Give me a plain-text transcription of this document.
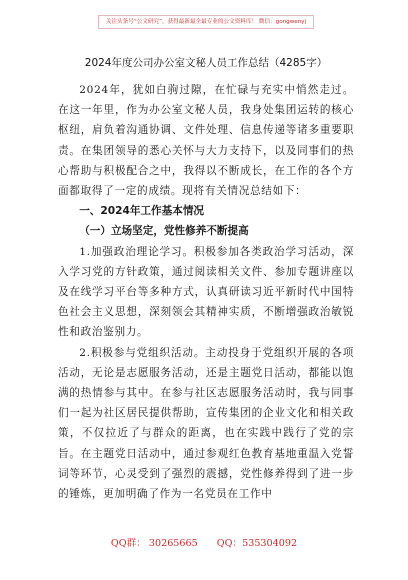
关注头条号“公文研究”，获得最新最全最专业的公文资料库！ 微信：gongwenyj

2024年度公司办公室文秘人员工作总结（4285字）

2024年，犹如白驹过隙，在忙碌与充实中悄然走过。在这一年里，作为办公室文秘人员，我身处集团运转的核心枢纽，肩负着沟通协调、文件处理、信息传递等诸多重要职责。在集团领导的悉心关怀与大力支持下，以及同事们的热心帮助与积极配合之中，我得以不断成长，在工作的各个方面都取得了一定的成绩。现将有关情况总结如下：

一、2024年工作基本情况

（一）立场坚定，党性修养不断提高

1.加强政治理论学习。积极参加各类政治学习活动，深入学习党的方针政策，通过阅读相关文件、参加专题讲座以及在线学习平台等多种方式，认真研读习近平新时代中国特色社会主义思想，深刻领会其精神实质，不断增强政治敏锐性和政治鉴别力。

2.积极参与党组织活动。主动投身于党组织开展的各项活动，无论是志愿服务活动，还是主题党日活动，都能以饱满的热情参与其中。在参与社区志愿服务活动时，我与同事们一起为社区居民提供帮助，宣传集团的企业文化和相关政策，不仅拉近了与群众的距离，也在实践中践行了党的宗旨。在主题党日活动中，通过参观红色教育基地重温入党誓词等环节，心灵受到了强烈的震撼，党性修养得到了进一步的锤炼，更加明确了作为一名党员在工作中

QQ群： 30265665 QQ：535304092
